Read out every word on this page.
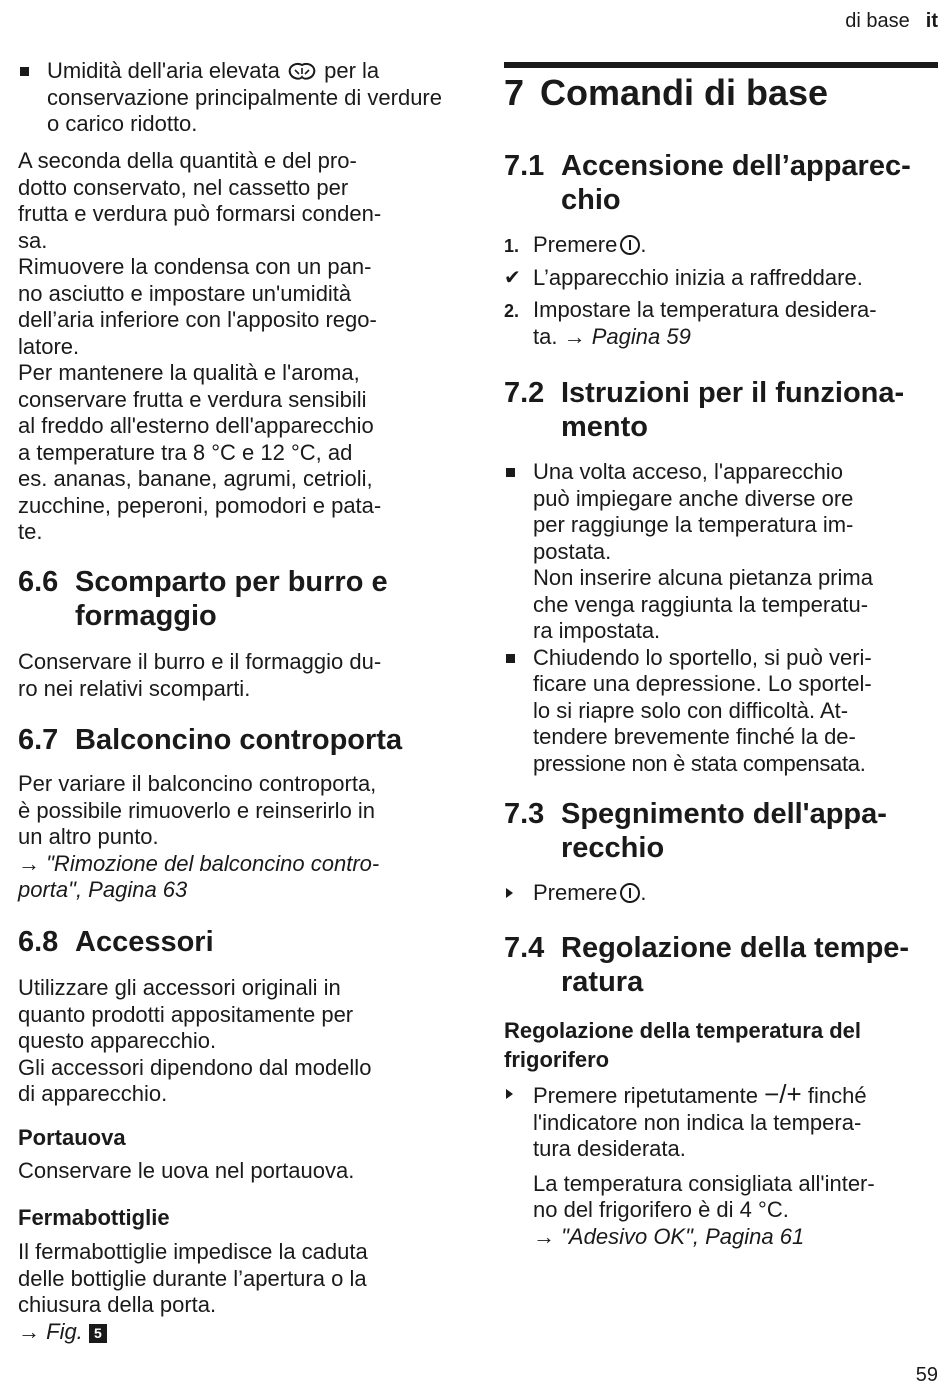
di base it
Umidità dell'aria elevata per la conservazione principalmente di verdure o carico ridotto.

A seconda della quantità e del pro-

dotto conservato, nel cassetto per

frutta e verdura può formarsi conden-

sa.

Rimuovere la condensa con un pan-

no asciutto e impostare un'umidità

dell’aria inferiore con l'apposito rego-

latore.

Per mantenere la qualità e l'aroma,

conservare frutta e verdura sensibili

al freddo all'esterno dell'apparecchio

a temperature tra 8 °C e 12 °C, ad

es. ananas, banane, agrumi, cetrioli,

zucchine, peperoni, pomodori e pata-

te.

6.6 Scomparto per burro e
formaggio

Conservare il burro e il formaggio du-

ro nei relativi scomparti.

6.7 Balconcino controporta

Per variare il balconcino controporta,

è possibile rimuoverlo e reinserirlo in

un altro punto.

→ "Rimozione del balconcino contro-

porta", Pagina 63

6.8 Accessori

Utilizzare gli accessori originali in

quanto prodotti appositamente per

questo apparecchio.

Gli accessori dipendono dal modello

di apparecchio.

Portauova

Conservare le uova nel portauova.

Fermabottiglie

Il fermabottiglie impedisce la caduta

delle bottiglie durante l’apertura o la

chiusura della porta.

→ Fig. 5

7 Comandi di base
7.1 Accensione dell’apparec-
chio
1. Premere .
✔ L’apparecchio inizia a raffreddare.
2. Impostare la temperatura desidera-

ta. → Pagina 59

7.2 Istruzioni per il funziona-
mento

Una volta acceso, l'apparecchio

può impiegare anche diverse ore

per raggiunge la temperatura im-

postata.

Non inserire alcuna pietanza prima

che venga raggiunta la temperatu-

ra impostata.

Chiudendo lo sportello, si può veri-

ficare una depressione. Lo sportel-

lo si riapre solo con difficoltà. At-

tendere brevemente finché la de-

pressione non è stata compensata.

7.3 Spegnimento dell'appa-
recchio
Premere .
7.4 Regolazione della tempe-
ratura
Regolazione della temperatura del
frigorifero

Premere ripetutamente −/+ finché

l'indicatore non indica la tempera-

tura desiderata.

La temperatura consigliata all'inter-

no del frigorifero è di 4 °C.

→ "Adesivo OK", Pagina 61

59
